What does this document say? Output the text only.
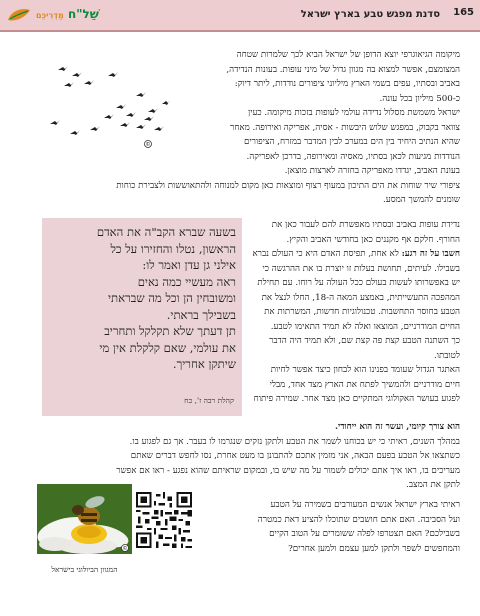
שֵׁל"ח מַדְרִיכֵּם	סדנת מפגש טבע בארץ ישראל 165
©

מיקומה הגיאוגרפי יוצא הדופן של ישראל הביא לכך שלמרות שטחה

המצומצם, אפשר למצוא בה מגוון גדול של מיני עופות. בעונות הנדידה,

באביב ובסתיו, עפים בשמי הארץ מיליוני ציפורים נודדות, ליתר דיוק:

כ-500 מיליון בכל עונה.

ישראל משמשת מסלול נדידה עולמי לעופות בזכות מיקומה. כעין

צוואר בקבוק, במפגש שלוש היבשות - אסיה, אפריקה ואירופה. מאחר

שהיא הנתיב היחיד בין הים במערב לבין המדבר במזרח, הציפורים

הנודדות מגיעות לכאן בסתיו, מאסיה ומאירופה, בדרכן לאפריקה.

בעונת האביב, יגדדו מאפריקה בחזרה לארצות מוצאן.

ציפורי שיר שוחות את הים התיכון במעוף רצוף ומוצאות כאן מקום למנוחה ולהתאוששות ולצבירת כוחות

שומנים להמשך המסע.

נדידת עופות באביב ובסתיו מאפשרת להם לעבור כאן את

החורף. חלקם אף מקננים כאן בחודשי האביב והקיץ.

חשבו על זה רגע: לא אחת, תפיסת האדם היא כי העולם נברא

בשבילו. לעיתים, תחושת בעלות זו יוצרת בו את ההרגשה כי

יש באפשרותו לעשות בעולם ככל העולה על רוחו. עם תחילת

המהפכה התעשייתית, באמצע המאה ה-18, החלו לנצל את

הטבע בחוסר התחשבות. טכנולוגיות חדשות, המשרתות את

החיים המודרניים, המוצאו ואלה לא תמיד התאימו לטבע.

כך השתנה הטבע קצת פה קצת שם, ולא תמיד היה הדבר

לטובתו.

האתגר הגדול שעומד בפנינו הוא לבחון כיצד אפשר לחיות

חיים מודרניים ולהמשיך לפתח את הארץ מצד אחד, מבלי

לפגוע בעושר האקולוגי המתקיים כאן מצד אחר. שמירה פיתוח

בשעה שברא הקב"ה את האדם

הראשון, נטלו והחזירו על כל

אילני גן עדן ואמר לו:

ראה מעשיי כמה נאים

ומשובחין הן וכל מה שבראתי

בשבילך בראתי.

תן דעתך שלא תקלקל ותחריב

את עולמי, שאם קלקלת אין מי

שיתקן אחריך.

קהלת רבה ז', כח

הוא צורך קיומי, ועשר זה הוא ייחודי.

במהלך השנים, ראיתי כי יש בכוחנו לשמר את הטבע ולתקן נזקים שנגרמו לו בעבר. אך גם לפגוע בו.

כשתצאו אל הטבע בפעם הבאה, אני מזמין אתכם להתבונן בו מעט אחרת, נסו לחפש דברים שאתם

מעריכים בו, ראו איך אתם יכולים לשמור על מה שיש בו, ובמקום שראיתם שהוא נפגע - ראו אם אפשר

לתקן את המצב.

ראיתי בארץ ישראל אנשים המעורבים בשמירה על הטבע

ועל הסביבה. האם אתם חושבים שתוכלו להציע דאת כמטרה

בשבילכם? האם תצטרפו לפלה ששומרים על הטוב הקיים

והמחפשים לשפר ולתקן למען עצמם ולמען אחרים?

©
המגוון הביולוגי בישראל
